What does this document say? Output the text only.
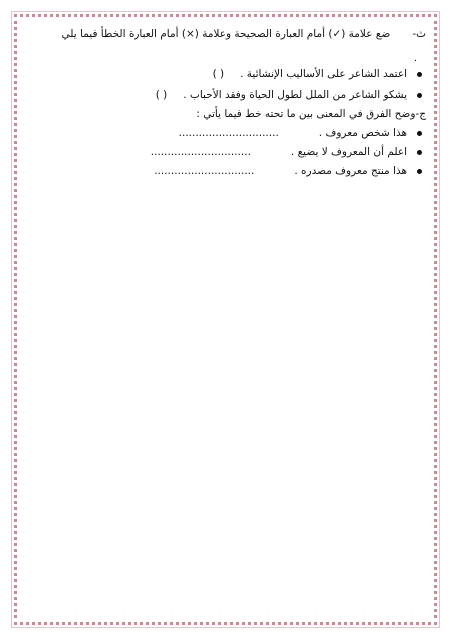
ث-ضع علامة (✓) أمام العبارة الصحيحة وعلامة (×) أمام العبارة الخطأ فيما يلي
.
اعتمد الشاعر على الأساليب الإنشائية .
( )
يشكو الشاعر من الملل لطول الحياة وفقد الأحباب .
( )
ج-وضح الفرق في المعنى بين ما تحته خط فيما يأتي :
هذا شخص معروف .
..............................
اعلم أن المعروف لا يضيع .
..............................
هذا منتج معروف مصدره .
..............................
